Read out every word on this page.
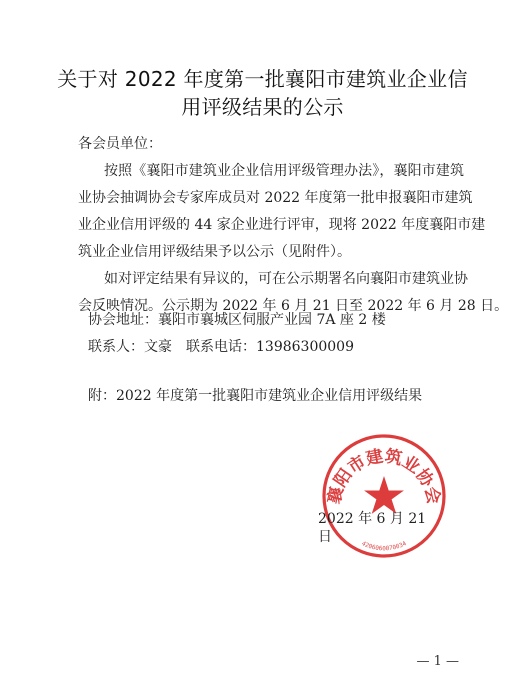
关于对 2022 年度第一批襄阳市建筑业企业信
用评级结果的公示
各会员单位：
按照《襄阳市建筑业企业信用评级管理办法》，襄阳市建筑
业协会抽调协会专家库成员对 2022 年度第一批申报襄阳市建筑
业企业信用评级的 44 家企业进行评审，现将 2022 年度襄阳市建
筑业企业信用评级结果予以公示（见附件）。
如对评定结果有异议的，可在公示期署名向襄阳市建筑业协
会反映情况。公示期为 2022 年 6 月 21 日至 2022 年 6 月 28 日。
协会地址：襄阳市襄城区伺服产业园 7A 座 2 楼
联系人：文豪　联系电话：13986300009
附：2022 年度第一批襄阳市建筑业企业信用评级结果
襄阳市建筑业协会
4206060070034
2022 年 6 月 21 日
— 1 —
